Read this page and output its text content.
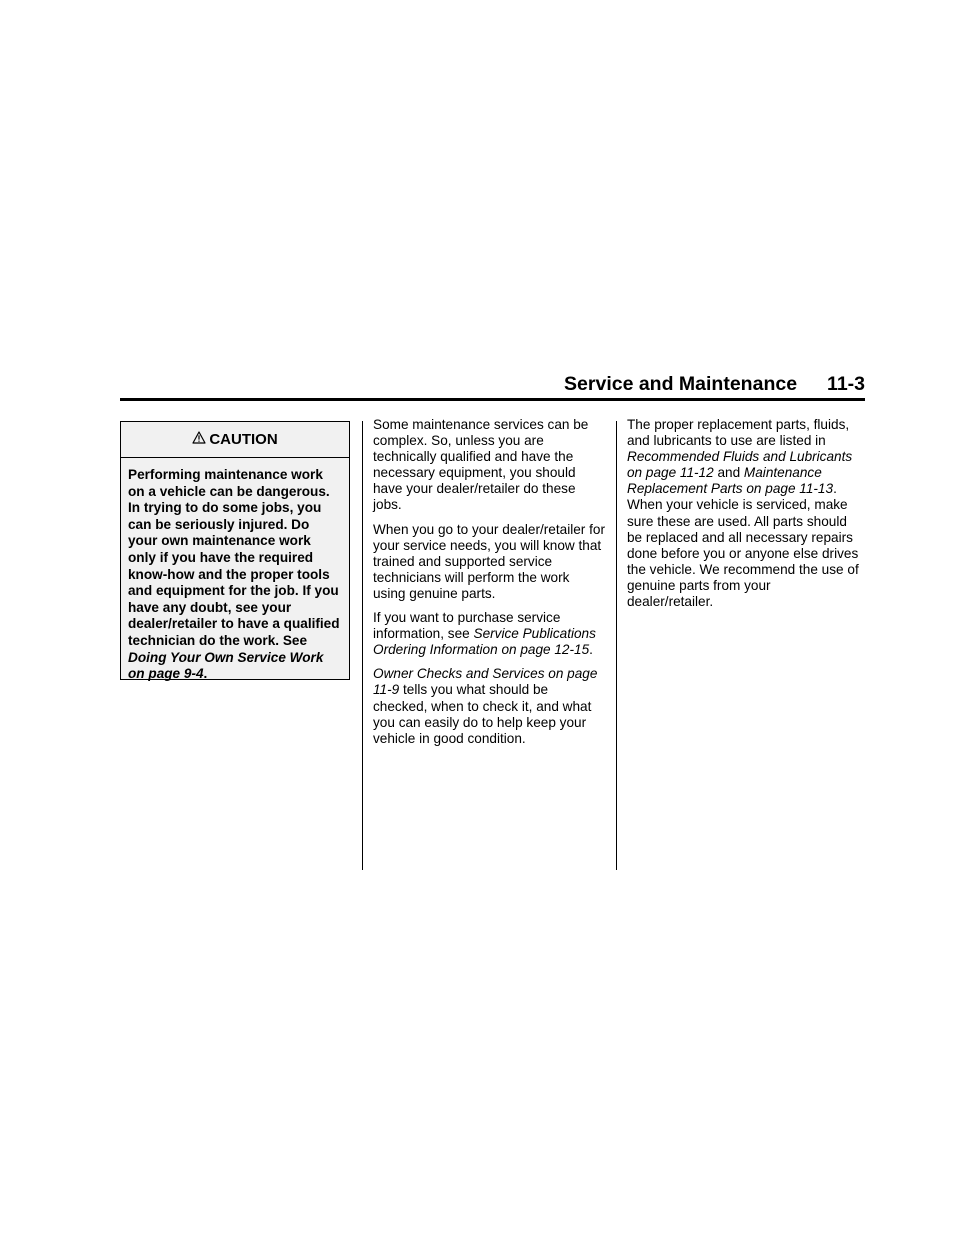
Service and Maintenance 11-3
CAUTION
Performing maintenance work on a vehicle can be dangerous. In trying to do some jobs, you can be seriously injured. Do your own maintenance work only if you have the required know-how and the proper tools and equipment for the job. If you have any doubt, see your dealer/retailer to have a qualified technician do the work. See Doing Your Own Service Work on page 9-4.

Some maintenance services can be complex. So, unless you are technically qualified and have the necessary equipment, you should have your dealer/retailer do these jobs.

When you go to your dealer/retailer for your service needs, you will know that trained and supported service technicians will perform the work using genuine parts.

If you want to purchase service information, see Service Publications Ordering Information on page 12-15.

Owner Checks and Services on page 11-9 tells you what should be checked, when to check it, and what you can easily do to help keep your vehicle in good condition.

The proper replacement parts, fluids, and lubricants to use are listed in Recommended Fluids and Lubricants on page 11-12 and Maintenance Replacement Parts on page 11-13. When your vehicle is serviced, make sure these are used. All parts should be replaced and all necessary repairs done before you or anyone else drives the vehicle. We recommend the use of genuine parts from your dealer/retailer.
